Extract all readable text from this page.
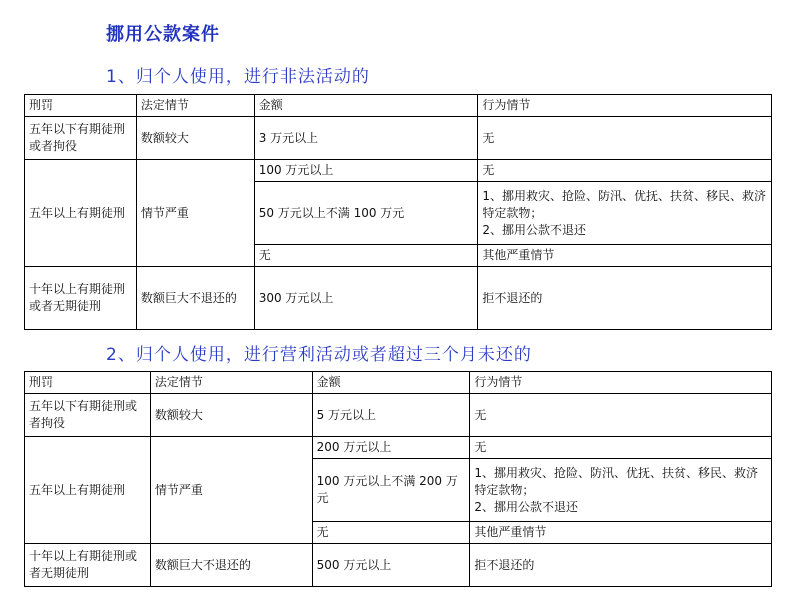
挪用公款案件
1、归个人使用，进行非法活动的
刑罚	法定情节	金额	行为情节
五年以下有期徒刑或者拘役	数额较大	3 万元以上	无
五年以上有期徒刑	情节严重	100 万元以上	无
		50 万元以上不满 100 万元	1、挪用救灾、抢险、防汛、优抚、扶贫、移民、救济特定款物；
2、挪用公款不退还

		无	其他严重情节
十年以上有期徒刑或者无期徒刑	数额巨大不退还的	300 万元以上	拒不退还的
2、归个人使用，进行营利活动或者超过三个月未还的
刑罚	法定情节	金额	行为情节
五年以下有期徒刑或者拘役	数额较大	5 万元以上	无
五年以上有期徒刑	情节严重	200 万元以上	无
		100 万元以上不满 200 万元	1、挪用救灾、抢险、防汛、优抚、扶贫、移民、救济特定款物；
2、挪用公款不退还

		无	其他严重情节
十年以上有期徒刑或者无期徒刑	数额巨大不退还的	500 万元以上	拒不退还的
